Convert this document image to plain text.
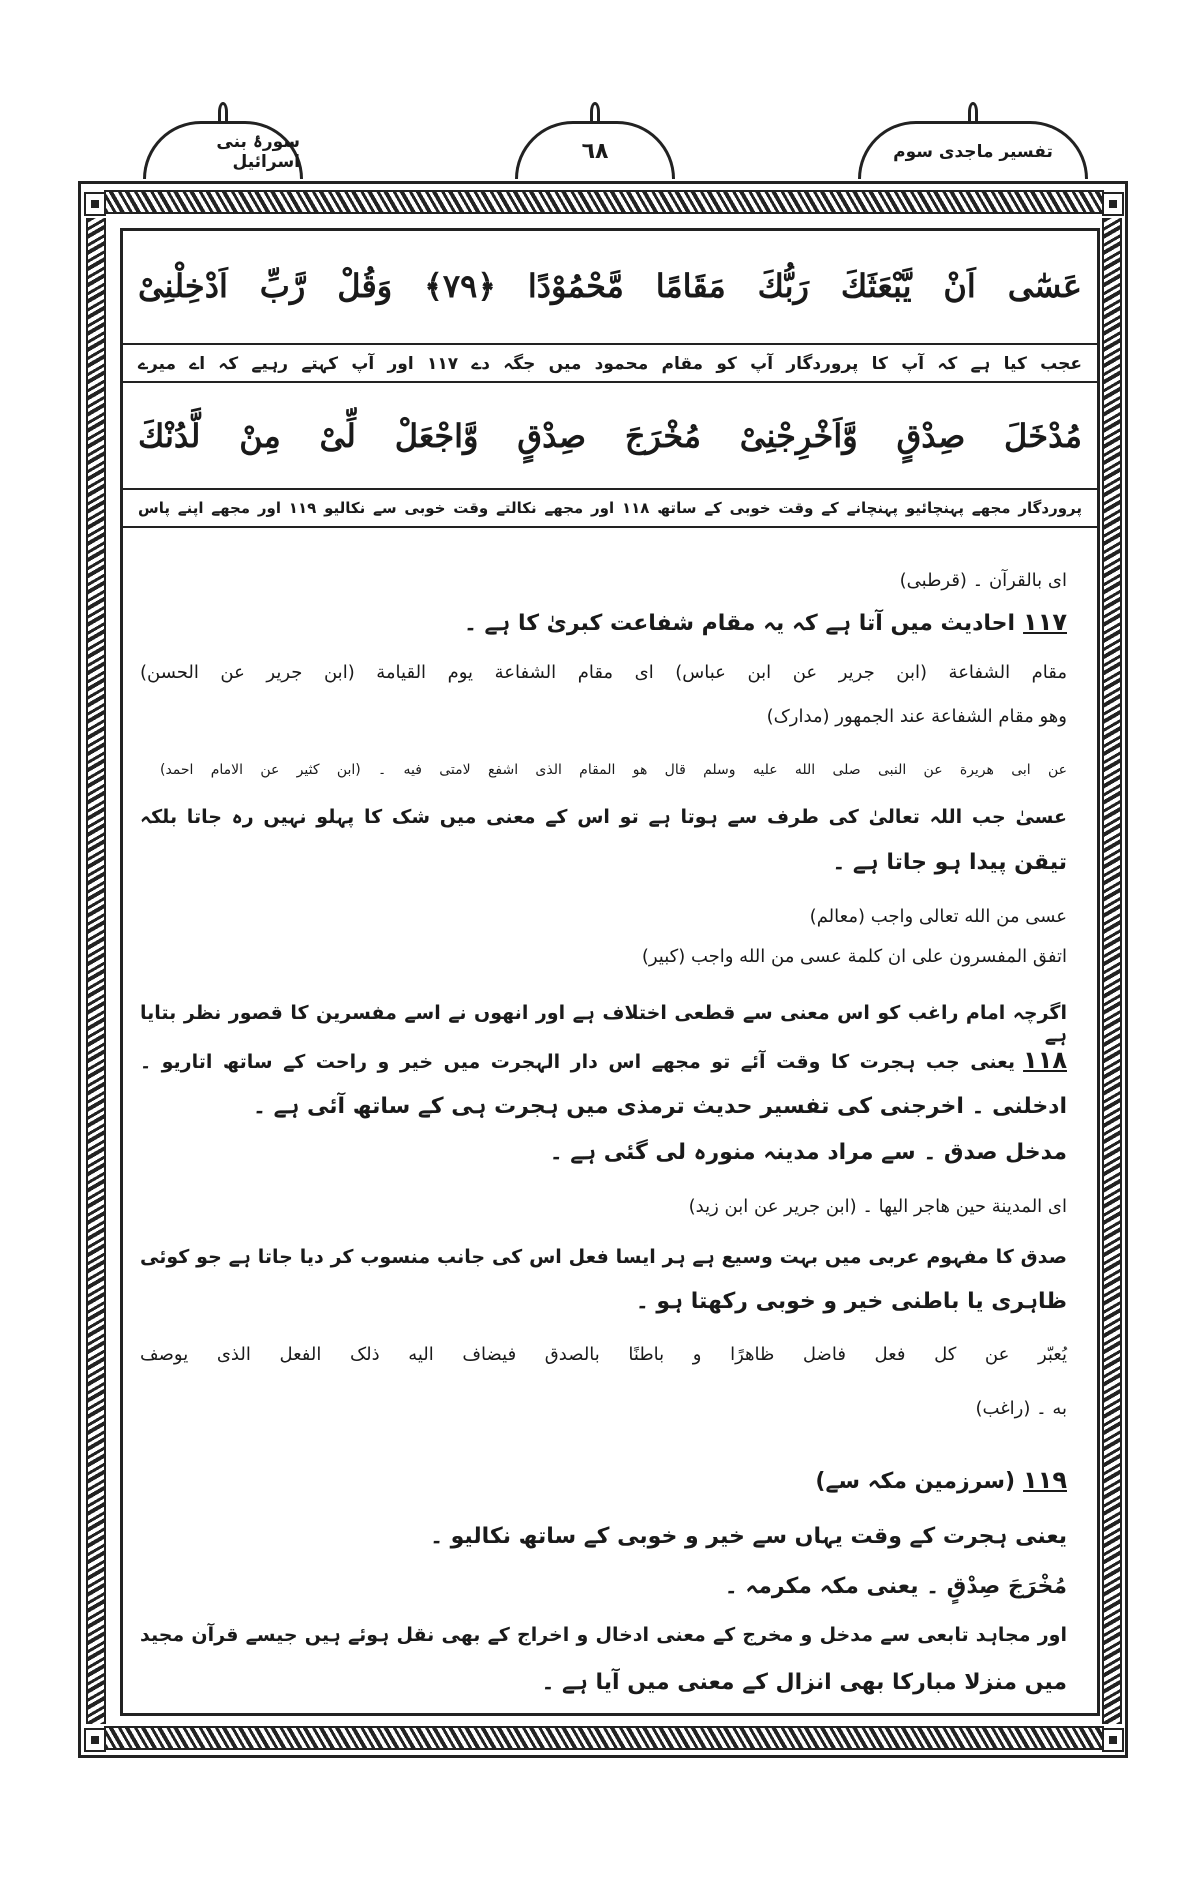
تفسیر ماجدی سوم
٦٨
سورۂ بنی اسرائیل
عَسٰٓی اَنْ یَّبْعَثَكَ رَبُّكَ مَقَامًا مَّحْمُوْدًا ﴿٧٩﴾ وَقُلْ رَّبِّ اَدْخِلْنِیْ
عجب کیا ہے کہ آپ کا پروردگار آپ کو مقام محمود میں جگہ دے ١١٧ اور آپ کہتے رہیے کہ اے میرے
مُدْخَلَ صِدْقٍ وَّاَخْرِجْنِیْ مُخْرَجَ صِدْقٍ وَّاجْعَلْ لِّیْ مِنْ لَّدُنْكَ
پروردگار مجھے پہنچائیو پہنچانے کے وقت خوبی کے ساتھ ١١٨ اور مجھے نکالتے وقت خوبی سے نکالیو ١١٩ اور مجھے اپنے پاس
ای بالقرآن ۔ (قرطبی)
١١٧احادیث میں آتا ہے کہ یہ مقام شفاعت کبریٰ کا ہے ۔
مقام الشفاعة (ابن جریر عن ابن عباس) ای مقام الشفاعة یوم القیامة (ابن جریر عن الحسن)
وهو مقام الشفاعة عند الجمهور (مدارک)
عن ابی هریرة عن النبی صلی الله علیه وسلم قال هو المقام الذی اشفع لامتی فیه ۔ (ابن کثیر عن الامام احمد)
عسیٰ جب اللہ تعالیٰ کی طرف سے ہوتا ہے تو اس کے معنی میں شک کا پہلو نہیں رہ جاتا بلکہ
تیقن پیدا ہو جاتا ہے ۔
عسی من الله تعالی واجب (معالم)
اتفق المفسرون علی ان کلمة عسی من الله واجب (کبیر)
اگرچہ امام راغب کو اس معنی سے قطعی اختلاف ہے اور انھوں نے اسے مفسرین کا قصور نظر بتایا ہے
١١٨یعنی جب ہجرت کا وقت آئے تو مجھے اس دار الہجرت میں خیر و راحت کے ساتھ اتاریو ۔
ادخلنی ۔ اخرجنی کی تفسیر حدیث ترمذی میں ہجرت ہی کے ساتھ آئی ہے ۔
مدخل صدق ۔ سے مراد مدینہ منورہ لی گئی ہے ۔
ای المدینة حین هاجر الیها ۔ (ابن جریر عن ابن زید)
صدق کا مفہوم عربی میں بہت وسیع ہے ہر ایسا فعل اس کی جانب منسوب کر دیا جاتا ہے جو کوئی
ظاہری یا باطنی خیر و خوبی رکھتا ہو ۔
یُعبّر عن کل فعل فاضل ظاهرًا و باطنًا بالصدق فیضاف الیه ذلک الفعل الذی یوصف
به ۔ (راغب)
١١٩(سرزمین مکہ سے)
یعنی ہجرت کے وقت یہاں سے خیر و خوبی کے ساتھ نکالیو ۔
مُخْرَجَ صِدْقٍ ۔ یعنی مکہ مکرمہ ۔
اور مجاہد تابعی سے مدخل و مخرج کے معنی ادخال و اخراج کے بھی نقل ہوئے ہیں جیسے قرآن مجید
میں منزلا مبارکا بھی انزال کے معنی میں آیا ہے ۔
